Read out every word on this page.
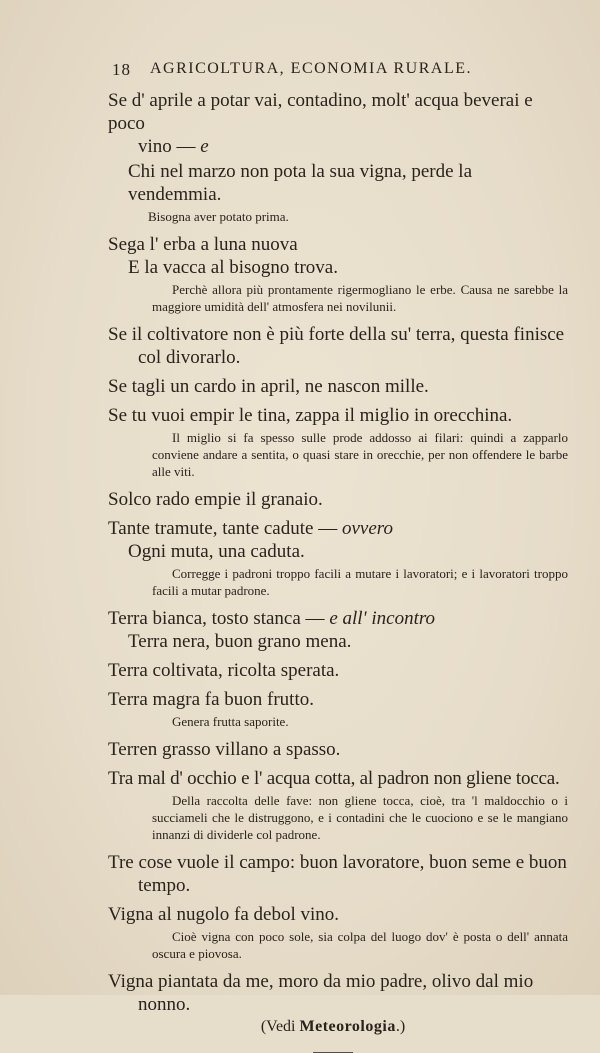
18 AGRICOLTURA, ECONOMIA RURALE.

Se d' aprile a potar vai, contadino, molt' acqua beverai e poco

vino — e

Chi nel marzo non pota la sua vigna, perde la vendemmia.

Bisogna aver potato prima.

Sega l' erba a luna nuova

E la vacca al bisogno trova.

Perchè allora più prontamente rigermogliano le erbe. Causa ne sarebbe la maggiore umidità dell' atmosfera nei novilunii.

Se il coltivatore non è più forte della su' terra, questa finisce

col divorarlo.

Se tagli un cardo in april, ne nascon mille.

Se tu vuoi empir le tina, zappa il miglio in orecchina.

Il miglio si fa spesso sulle prode addosso ai filari: quindi a zapparlo conviene andare a sentita, o quasi stare in orecchie, per non offendere le barbe alle viti.

Solco rado empie il granaio.

Tante tramute, tante cadute — ovvero

Ogni muta, una caduta.

Corregge i padroni troppo facili a mutare i lavoratori; e i lavoratori troppo facili a mutar padrone.

Terra bianca, tosto stanca — e all' incontro

Terra nera, buon grano mena.

Terra coltivata, ricolta sperata.

Terra magra fa buon frutto.

Genera frutta saporite.

Terren grasso villano a spasso.

Tra mal d' occhio e l' acqua cotta, al padron non gliene tocca.

Della raccolta delle fave: non gliene tocca, cioè, tra 'l maldocchio o i succiameli che le distruggono, e i contadini che le cuociono e se le mangiano innanzi di dividerle col padrone.

Tre cose vuole il campo: buon lavoratore, buon seme e buon

tempo.

Vigna al nugolo fa debol vino.

Cioè vigna con poco sole, sia colpa del luogo dov' è posta o dell' annata oscura e piovosa.

Vigna piantata da me, moro da mio padre, olivo dal mio

nonno.

(Vedi Meteorologia.)
